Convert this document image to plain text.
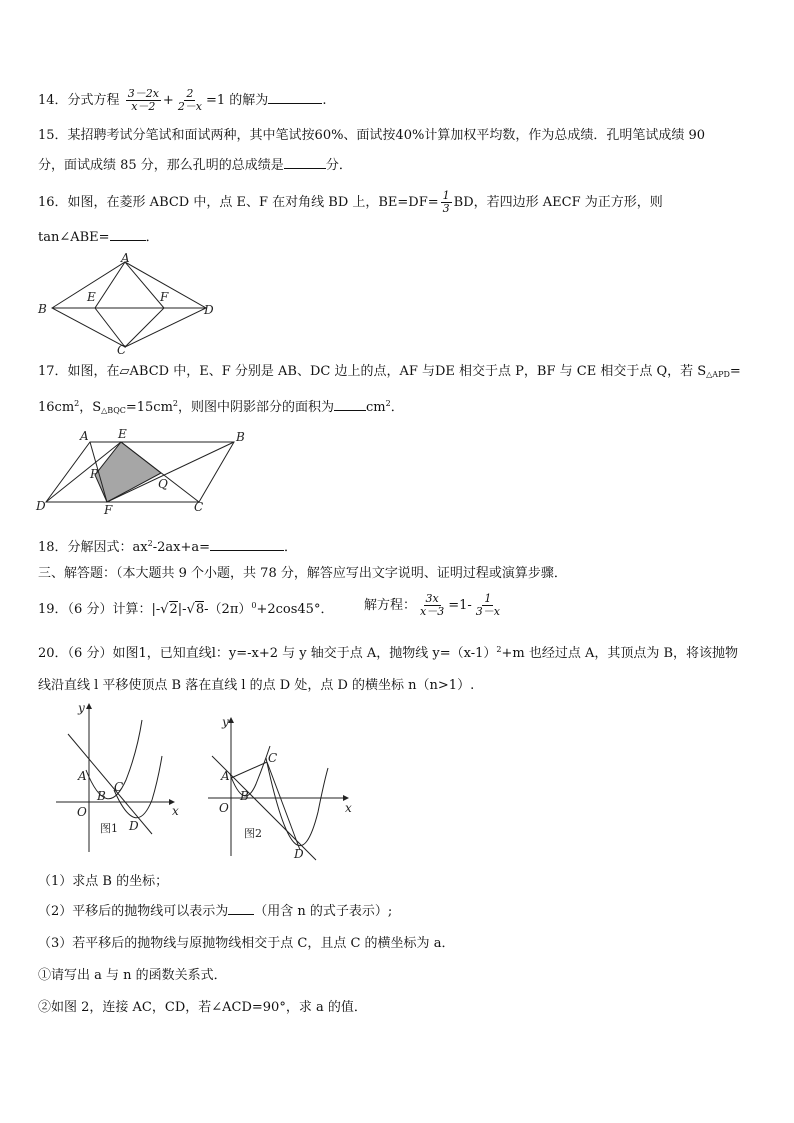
14．分式方程 $\frac{3-2x}{x-2} + \frac{2}{2-x} =1$ 的解为	.
15．某招聘考试分笔试和面试两种，其中笔试按60%、面试按40%计算加权平均数，作为总成绩．孔明笔试成绩 90
分，面试成绩 85 分，那么孔明的总成绩是	分．
16．如图，在菱形 ABCD 中，点 E、F 在对角线 BD 上，$BE=DF= \frac{1}{3}$ BD，若四边形 AECF 为正方形，则
tan∠ABE=	．
A
B
C
D
E	F
17．如图，在▱ABCD 中，E、F 分别是 AB、DC 边上的点，AF 与DE 相交于点 P，BF 与 CE 相交于点 Q，若 $S_{\triangle APD}=$
$16cm^2$，$S_{\triangle BQC}=15cm^2$，则图中阴影部分的面积为 $cm^2$．
A E	B
P
Q
D	F	C
18．分解因式：$ax^2-2ax+a=$	．
三、解答题：（本大题共 9 个小题，共 78 分，解答应写出文字说明、证明过程或演算步骤．
19．（6 分）计算：$|-√2|-√8-(2\pi)^0+2\cos 45^\circ$． 解方程： $\frac{3x}{x-3} =1- \frac{1}{3-x}$
20．（6 分）如图1，已知直线l：y=-x+2 与 y 轴交于点 A，抛物线 $y=(x-1)^2+m$ 也经过点 A，其顶点为 B，将该抛物
线沿直线 l 平移使顶点 B 落在直线 l 的点 D 处，点 D 的横坐标 n（n>1）.
x
y
O
A
B
C
D
图1
x
y
O
A
B
C
D
图2
（1）求点 B 的坐标；
（2）平移后的抛物线可以表示为 （用含 n 的式子表示）;
（3）若平移后的抛物线与原抛物线相交于点 C，且点 C 的横坐标为 a．
①请写出 a 与 n 的函数关系式．
②如图 2，连接 AC，CD，若∠ACD=90°，求 a 的值．
